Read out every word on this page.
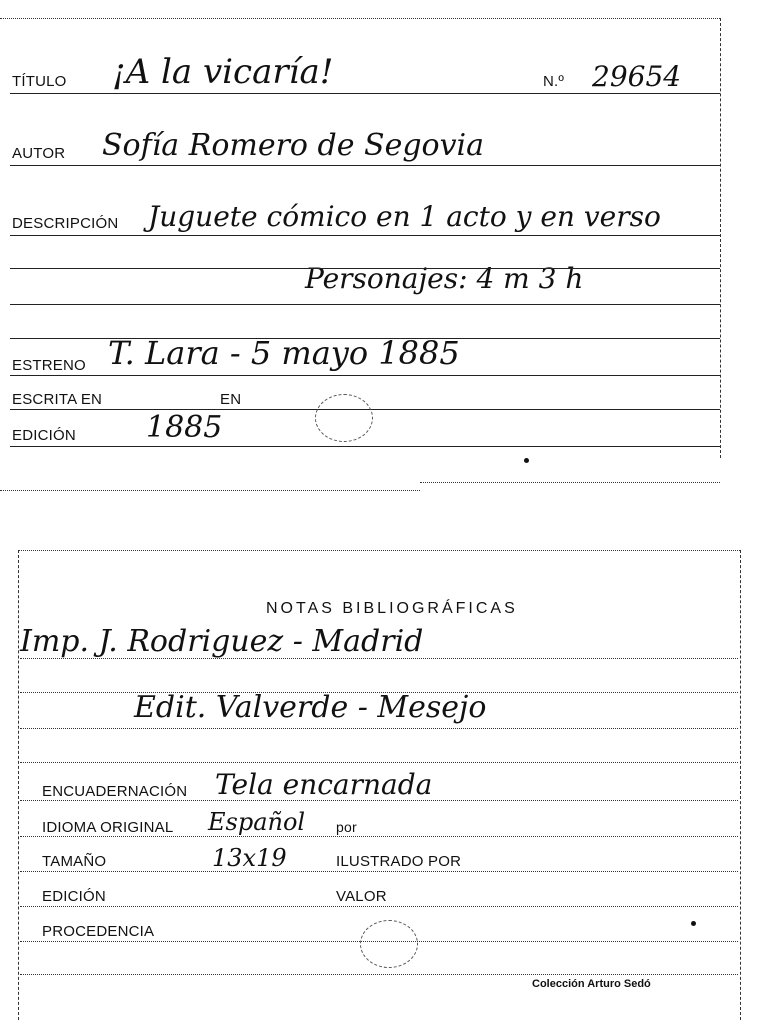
TÍTULO ¡A la vicaría!	N.º 29654
AUTOR Sofía Romero de Segovia
DESCRIPCIÓN Juguete cómico en 1 acto y en verso
Personajes: 4 m 3 h
ESTRENO T. Lara - 5 mayo 1885
ESCRITA EN	EN
EDICIÓN 1885
NOTAS BIBLIOGRÁFICAS
Imp. J. Rodriguez - Madrid
Edit. Valverde - Mesejo
ENCUADERNACIÓN Tela encarnada
IDIOMA ORIGINAL Español por
TAMAÑO	13x19	ILUSTRADO POR
EDICIÓN	VALOR
PROCEDENCIA
Colección Arturo Sedó
